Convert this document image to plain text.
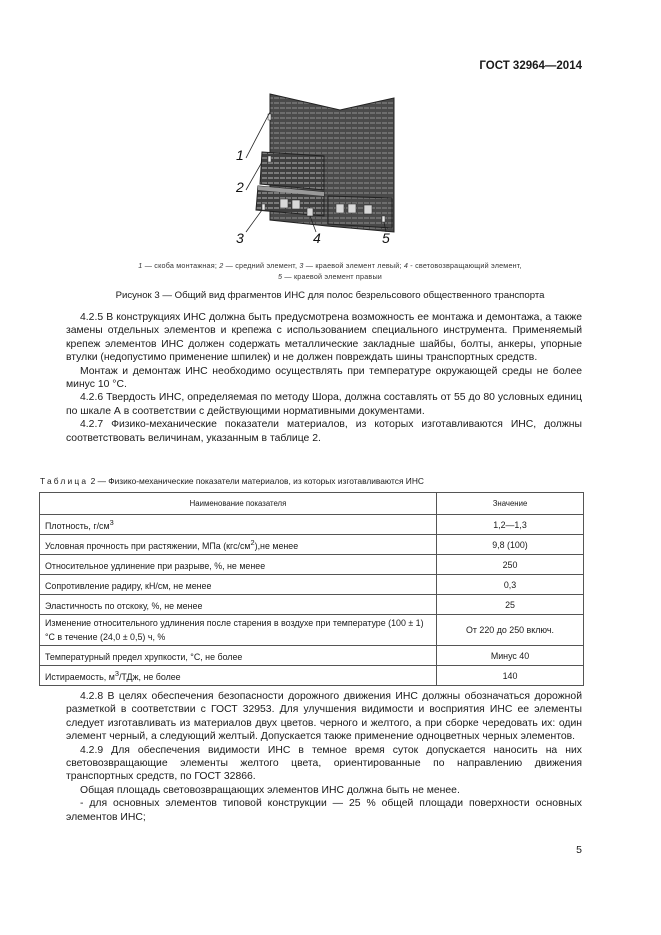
ГОСТ 32964—2014
1
2
3	4	5
1 — скоба монтажная; 2 — средний элемент, 3 — краевой элемент левый; 4 - световозвращающий элемент,
5 — краевой элемент правыи
Рисунок 3 — Общий вид фрагментов ИНС для полос безрельсового общественного транспорта

4.2.5 В конструкциях ИНС должна быть предусмотрена возможность ее монтажа и демонтажа, а также замены отдельных элементов и крепежа с использованием специального инструмента. Применяемый крепеж элементов ИНС должен содержать металлические закладные шайбы, болты, анкеры, упорные втулки (недопустимо применение шпилек) и не должен повреждать шины транспортных средств.

Монтаж и демонтаж ИНС необходимо осуществлять при температуре окружающей среды не более минус 10 °С.

4.2.6 Твердость ИНС, определяемая по методу Шора, должна составлять от 55 до 80 условных единиц по шкале А в соответствии с действующими нормативными документами.

4.2.7 Физико-механические показатели материалов, из которых изготавливаются ИНС, должны соответствовать величинам, указанным в таблице 2.

Таблица 2 — Физико-механические показатели материалов, из которых изготавливаются ИНС
Наименование показателя	Значение
Плотность, $г/см^3$	1,2—1,3
Условная прочность при растяжении, МПа $(кгс/см^2),не$ менее	9,8 (100)
Относительное удлинение при разрыве, %, не менее	250
Сопротивление радиру, кН/см, не менее	0,3
Эластичность по отскоку, %, не менее	25
Изменение относительного удлинения после старения в воздухе при температуре (100 ± 1) °С в течение (24,0 ± 0,5) ч, %	От 220 до 250 включ.
Температурный предел хрупкости, °С, не более	Минус 40
Истираемость, $м^3$/ТДж, не более	140

4.2.8 В целях обеспечения безопасности дорожного движения ИНС должны обозначаться дорожной разметкой в соответствии с ГОСТ 32953. Для улучшения видимости и восприятия ИНС ее элементы следует изготавливать из материалов двух цветов. черного и желтого, а при сборке чередовать их: один элемент черный, а следующий желтый. Допускается также применение одноцветных черных элементов.

4.2.9 Для обеспечения видимости ИНС в темное время суток допускается наносить на них световозвращающие элементы желтого цвета, ориентированные по направлению движения транспортных средств, по ГОСТ 32866.

Общая площадь световозвращающих элементов ИНС должна быть не менее.

- для основных элементов типовой конструкции — 25 % общей площади поверхности основных элементов ИНС;

5
